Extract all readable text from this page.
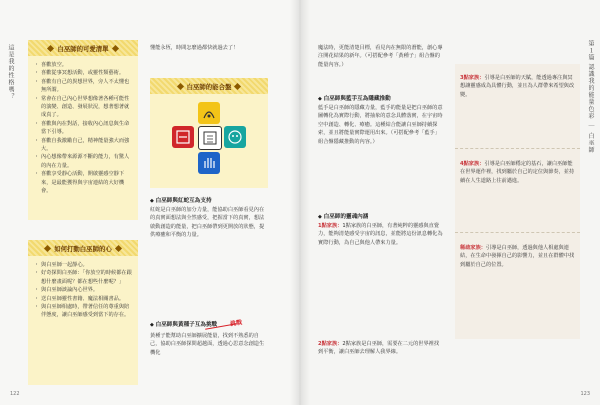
這是我的性格嗎？	白巫師的可愛清單
・ 喜歡放空。
・ 喜歡從事冥想活動，或靈性類藝術。
・ 喜歡有自己的異想世界，旁人不太懂也無所謂。
・ 常會在自己內心世界想像著各種可能性的演變、創造、發展狀況，想著想著就成真了。
・ 喜歡與內在對話，接收內心訊息與生命當下引導。
・ 喜歡自我激勵自己，精神能量強大而強大。
・ 內心想像帶來源源不斷的能力，有驚人的內在力量。
・ 喜歡享受靜心活動，開啟靈感空靜下來，是最能獲得與宇宙連結的大好機會。
如何打動白巫師的心
・ 與白巫師一起靜心。
・ 好奇探問白巫師：「你放空的時候都在跟想什麼畫面呢？都在想些什麼呢？」
・ 與白巫師談論內心世界。
・ 送白巫師靈性書籍、魔法相關書品。
・ 與白巫師相處時，帶著信任的尊重與陪伴態度，讓白巫師感受到當下的存在。
懂能永恆，時間怎麼過都快就過去了！
白巫師的能合盤
◆ 白巫師與紅蛇互為支持

紅蛇是白巫師的加分力量，能協助白巫師看見內在的真實面想法與全然感受，把握當下的真實，想法啟動創造的能量，把白巫師帶到更開放的狀態，提供療癒和平衡的力量。

◆ 白巫師與黃種子互為挑戰 挑戰

黃種子能幫助白巫師擴展能量，找到不熟悉的自己，協助白巫師探問超越面，透過心思意念創造生機化

122
第１篇 認識我的能量色彩 ｜ 白巫師
123

魔法時，更能清楚目標，看見內在無限的潛能，創心專注開花結果的新年。（可搭配參考「黃種子」組合盤的能量內容。）

◆ 白巫師與藍手互為隱藏推動

藍手是白巫師的隱藏力量，藍手的能量是把白巫師的意圖轉化為實際行動，將抽象的意念具體落實，在宇宙時空中創造、轉化、療癒。這種結合能讓白巫師持續探索，並且將能量實際運用出來。（可搭配參考「藍手」組合盤隱藏推動的內容。）

◆ 白巫師的靈魂內涵

1點家族：1點家族的白巫師，有著純粹的靈感與直覺力，能夠清楚感受宇宙的訊息，並能將這份訊息轉化為實際行動，為自己與他人帶來力量。

2點家族：2點家族是白巫師，需要在二元的世界裡找到平衡，讓白巫師去理解人我界線。

3點家族：引導是白巫師的天賦，能透過專注與冥想讓靈感成為具體行動，並且為人群帶來希望與改變。

4點家族：引導是白巫師穩定的基石，讓白巫師能在世界運作裡，找到屬於自己的定位與節奏，並持續在人生道路上往前邁進。

稀疏家族：引導是白巫師，透過與他人相處與連結，在生命中發揮自己的影響力，並且在群體中找到屬於自己的位置。
